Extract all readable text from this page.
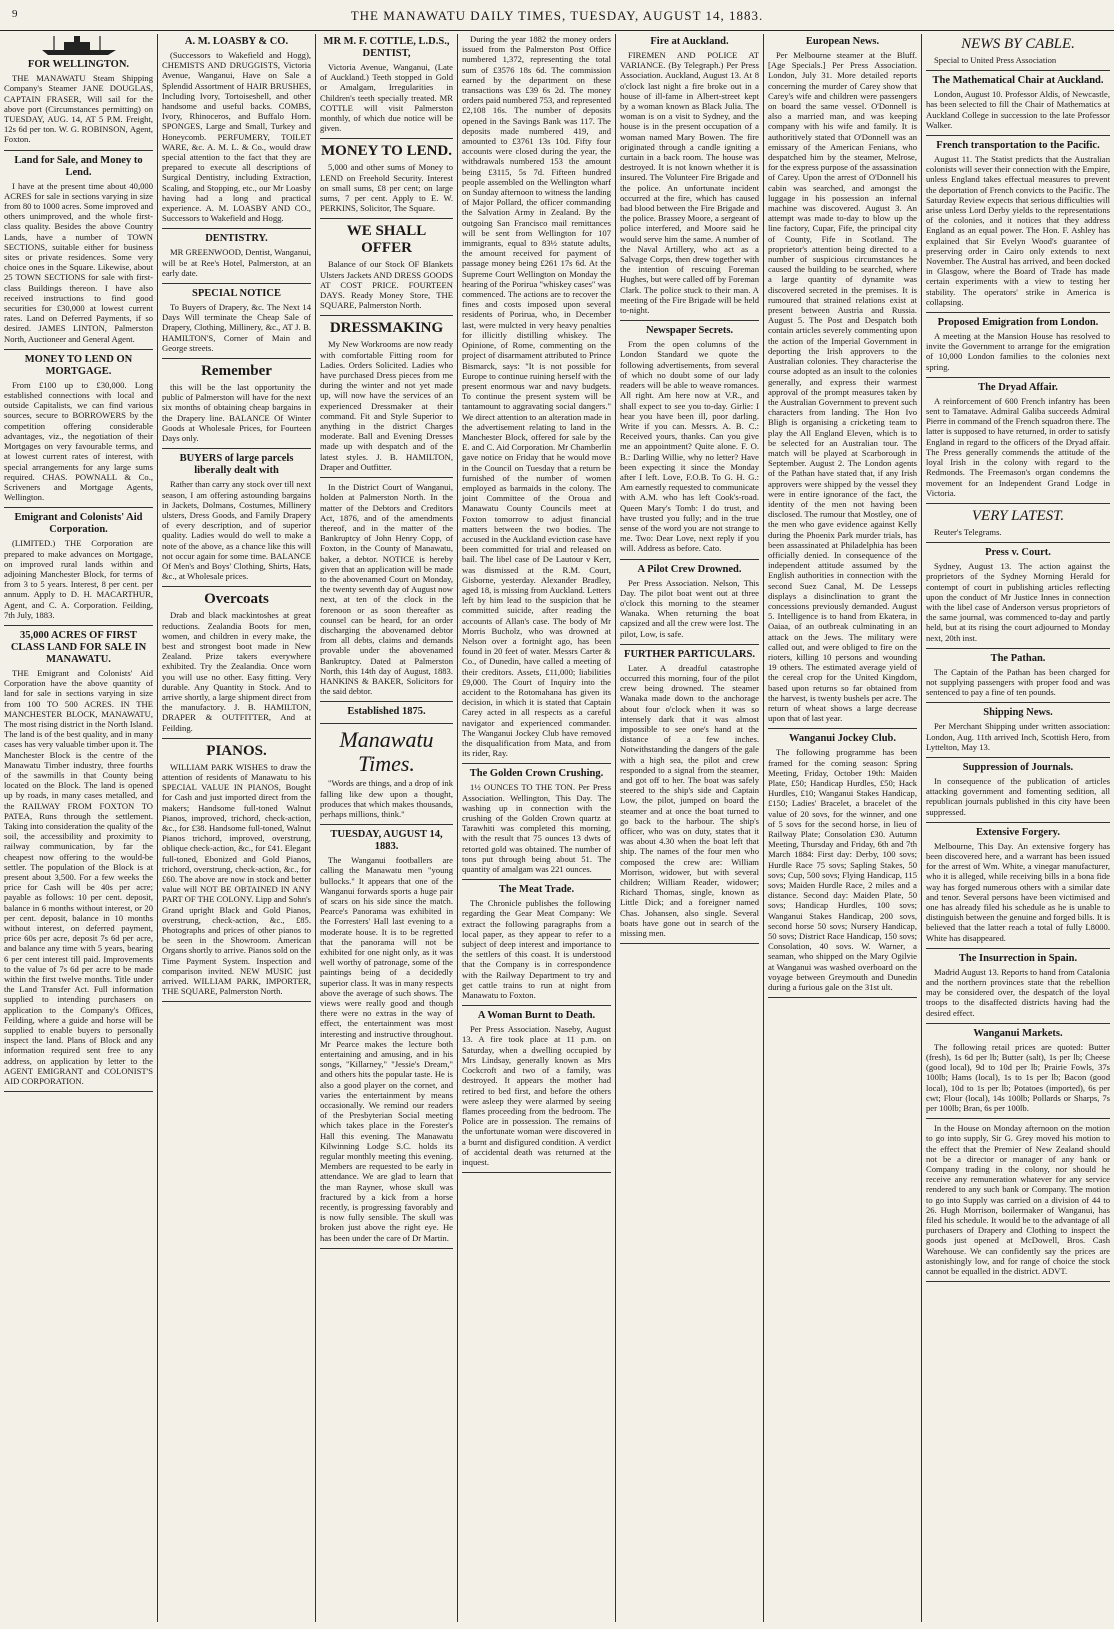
9	THE MANAWATU DAILY TIMES, TUESDAY, AUGUST 14, 1883.
FOR WELLINGTON.
THE MANAWATU Steam Shipping Company's Steamer JANE DOUGLAS, CAPTAIN FRASER, Will sail for the above port (Circumstances permitting) on TUESDAY, AUG. 14, AT 5 P.M. Freight, 12s 6d per ton. W. G. ROBINSON, Agent, Foxton.
Land for Sale, and Money to Lend.
I have at the present time about 40,000 ACRES for sale in sections varying in size from 80 to 1000 acres. Some improved and others unimproved, and the whole first-class quality. Besides the above Country Lands, have a number of TOWN SECTIONS, suitable either for business sites or private residences. Some very choice ones in the Square. Likewise, about 25 TOWN SECTIONS for sale with first-class Buildings thereon. I have also received instructions to find good securities for £30,000 at lowest current rates. Land on Deferred Payments, if so desired. JAMES LINTON, Palmerston North, Auctioneer and General Agent.
MONEY TO LEND ON MORTGAGE.
From £100 up to £30,000. Long established connections with local and outside Capitalists, we can find various sources, secure to BORROWERS by the competition offering considerable advantages, viz., the negotiation of their Mortgages on very favourable terms, and at lowest current rates of interest, with special arrangements for any large sums required. CHAS. POWNALL & Co., Scriveners and Mortgage Agents, Wellington.
Emigrant and Colonists' Aid Corporation.
(LIMITED.) THE Corporation are prepared to make advances on Mortgage, on improved rural lands within and adjoining Manchester Block, for terms of from 3 to 5 years. Interest, 8 per cent. per annum. Apply to D. H. MACARTHUR, Agent, and C. A. Corporation. Feilding, 7th July, 1883.
35,000 ACRES OF FIRST CLASS LAND FOR SALE IN MANAWATU.
THE Emigrant and Colonists' Aid Corporation have the above quantity of land for sale in sections varying in size from 100 TO 500 ACRES. IN THE MANCHESTER BLOCK, MANAWATU, The most rising district in the North Island. The land is of the best quality, and in many cases has very valuable timber upon it. The Manchester Block is the centre of the Manawatu Timber industry, three fourths of the sawmills in that County being located on the Block. The land is opened up by roads, in many cases metalled, and the RAILWAY FROM FOXTON TO PATEA, Runs through the settlement. Taking into consideration the quality of the soil, the accessibility and proximity to railway communication, by far the cheapest now offering to the would-be settler. The population of the Block is at present about 3,500. For a few weeks the price for Cash will be 40s per acre; payable as follows: 10 per cent. deposit, balance in 6 months without interest, or 20 per cent. deposit, balance in 10 months without interest, on deferred payment, price 60s per acre, deposit 7s 6d per acre, and balance any time with 5 years, bearing 6 per cent interest till paid. Improvements to the value of 7s 6d per acre to be made within the first twelve months. Title under the Land Transfer Act. Full information supplied to intending purchasers on application to the Company's Offices, Feilding, where a guide and horse will be supplied to enable buyers to personally inspect the land. Plans of Block and any information required sent free to any address, on application by letter to the AGENT EMIGRANT and COLONIST'S AID CORPORATION.
A. M. LOASBY & CO.
(Successors to Wakefield and Hogg), CHEMISTS AND DRUGGISTS, Victoria Avenue, Wanganui, Have on Sale a Splendid Assortment of HAIR BRUSHES, Including Ivory, Tortoiseshell, and other handsome and useful backs. COMBS, Ivory, Rhinoceros, and Buffalo Horn. SPONGES, Large and Small, Turkey and Honeycomb. PERFUMERY, TOILET WARE, &c. A. M. L. & Co., would draw special attention to the fact that they are prepared to execute all descriptions of Surgical Dentistry, including Extraction, Scaling, and Stopping, etc., our Mr Loasby having had a long and practical experience. A. M. LOASBY AND CO., Successors to Wakefield and Hogg.
DENTISTRY.
MR GREENWOOD, Dentist, Wanganui, will be at Ree's Hotel, Palmerston, at an early date.
SPECIAL NOTICE
To Buyers of Drapery, &c. The Next 14 Days Will terminate the Cheap Sale of Drapery, Clothing, Millinery, &c., AT J. B. HAMILTON'S, Corner of Main and George streets.
Remember
this will be the last opportunity the public of Palmerston will have for the next six months of obtaining cheap bargains in the Drapery line. BALANCE Of Winter Goods at Wholesale Prices, for Fourteen Days only.
BUYERS of large parcels liberally dealt with
Rather than carry any stock over till next season, I am offering astounding bargains in Jackets, Dolmans, Costumes, Millinery ulsters, Dress Goods, and Family Drapery of every description, and of superior quality. Ladies would do well to make a note of the above, as a chance like this will not occur again for some time. BALANCE Of Men's and Boys' Clothing, Shirts, Hats, &c., at Wholesale prices.
Overcoats
Drab and black mackintoshes at great reductions. Zealandia Boots for men, women, and children in every make, the best and strongest boot made in New Zealand. Prize takers everywhere exhibited. Try the Zealandia. Once worn you will use no other. Easy fitting. Very durable. Any Quantity in Stock. And to arrive shortly, a large shipment direct from the manufactory. J. B. HAMILTON, DRAPER & OUTFITTER, And at Feilding.
PIANOS.
WILLIAM PARK WISHES to draw the attention of residents of Manawatu to his SPECIAL VALUE IN PIANOS, Bought for Cash and just imported direct from the makers; Handsome full-toned Walnut Pianos, improved, trichord, check-action, &c., for £38. Handsome full-toned, Walnut Pianos trichord, improved, overstrung, oblique check-action, &c., for £41. Elegant full-toned, Ebonized and Gold Pianos, trichord, overstrung, check-action, &c., for £60. The above are now in stock and better value will NOT BE OBTAINED IN ANY PART OF THE COLONY. Lipp and Sohn's Grand upright Black and Gold Pianos, overstrung, check-action, &c., £85. Photographs and prices of other pianos to be seen in the Showroom. American Organs shortly to arrive. Pianos sold on the Time Payment System. Inspection and comparison invited. NEW MUSIC just arrived. WILLIAM PARK, IMPORTER, THE SQUARE, Palmerston North.
MR M. F. COTTLE, L.D.S., DENTIST,
Victoria Avenue, Wanganui, (Late of Auckland.) Teeth stopped in Gold or Amalgam, Irregularities in Children's teeth specially treated. MR COTTLE will visit Palmerston monthly, of which due notice will be given.
MONEY TO LEND.
5,000 and other sums of Money to LEND on Freehold Security. Interest on small sums, £8 per cent; on large sums, 7 per cent. Apply to E. W. PERKINS, Solicitor, The Square.
WE SHALL OFFER
Balance of our Stock OF Blankets Ulsters Jackets AND DRESS GOODS AT COST PRICE. FOURTEEN DAYS. Ready Money Store, THE SQUARE, Palmerston North.
DRESSMAKING
My New Workrooms are now ready with comfortable Fitting room for Ladies. Orders Solicited. Ladies who have purchased Dress pieces from me during the winter and not yet made up, will now have the services of an experienced Dressmaker at their command. Fit and Style Superior to anything in the district Charges moderate. Ball and Evening Dresses made up with despatch and of the latest styles. J. B. HAMILTON, Draper and Outfitter.
In the District Court of Wanganui, holden at Palmerston North. In the matter of the Debtors and Creditors Act, 1876, and of the amendments thereof, and in the matter of the Bankruptcy of John Henry Copp, of Foxton, in the County of Manawatu, baker, a debtor. NOTICE is hereby given that an application will be made to the abovenamed Court on Monday, the twenty seventh day of August now next, at ten of the clock in the forenoon or as soon thereafter as counsel can be heard, for an order discharging the abovenamed debtor from all debts, claims and demands provable under the abovenamed Bankruptcy. Dated at Palmerston North, this 14th day of August, 1883. HANKINS & BAKER, Solicitors for the said debtor.
Established 1875.
Manawatu Times.
"Words are things, and a drop of ink falling like dew upon a thought, produces that which makes thousands, perhaps millions, think."
TUESDAY, AUGUST 14, 1883.
The Wanganui footballers are calling the Manawatu men "young bullocks." It appears that one of the Wanganui forwards sports a huge pair of scars on his side since the match. Pearce's Panorama was exhibited in the Forresters' Hall last evening to a moderate house. It is to be regretted that the panorama will not be exhibited for one night only, as it was well worthy of patronage, some of the paintings being of a decidedly superior class. It was in many respects above the average of such shows. The views were really good and though there were no extras in the way of effect, the entertainment was most interesting and instructive throughout. Mr Pearce makes the lecture both entertaining and amusing, and in his songs, "Killarney," "Jessie's Dream," and others hits the popular taste. He is also a good player on the cornet, and varies the entertainment by means occasionally. We remind our readers of the Presbyterian Social meeting which takes place in the Forester's Hall this evening. The Manawatu Kilwinning Lodge S.C. holds its regular monthly meeting this evening. Members are requested to be early in attendance. We are glad to learn that the man Rayner, whose skull was fractured by a kick from a horse recently, is progressing favorably and is now fully sensible. The skull was broken just above the right eye. He has been under the care of Dr Martin.
During the year 1882 the money orders issued from the Palmerston Post Office numbered 1,372, representing the total sum of £3576 18s 6d. The commission earned by the department on these transactions was £39 6s 2d. The money orders paid numbered 753, and represented £2,108 16s. The number of deposits opened in the Savings Bank was 117. The deposits made numbered 419, and amounted to £3761 13s 10d. Fifty four accounts were closed during the year, the withdrawals numbered 153 the amount being £3115, 5s 7d. Fifteen hundred people assembled on the Wellington wharf on Sunday afternoon to witness the landing of Major Pollard, the officer commanding the Salvation Army in Zealand. By the outgoing San Francisco mail remittances will be sent from Wellington for 107 immigrants, equal to 83½ statute adults, the amount received for payment of passage money being £261 17s 6d. At the Supreme Court Wellington on Monday the hearing of the Porirua "whiskey cases" was commenced. The actions are to recover the fines and costs imposed upon several residents of Porirua, who, in December last, were mulcted in very heavy penalties for illicitly distilling whiskey. The Opinione, of Rome, commenting on the project of disarmament attributed to Prince Bismarck, says: "It is not possible for Europe to continue ruining herself with the present enormous war and navy budgets. To continue the present system will be tantamount to aggravating social dangers." We direct attention to an alteration made in the advertisement relating to land in the Manchester Block, offered for sale by the E. and C. Aid Corporation. Mr Chamberlin gave notice on Friday that he would move in the Council on Tuesday that a return be furnished of the number of women employed as barmaids in the colony. The joint Committee of the Oroua and Manawatu County Councils meet at Foxton tomorrow to adjust financial matters between the two bodies. The accused in the Auckland eviction case have been committed for trial and released on bail. The libel case of De Lautour v Kerr, was dismissed at the R.M. Court, Gisborne, yesterday. Alexander Bradley, aged 18, is missing from Auckland. Letters left by him lead to the suspicion that he committed suicide, after reading the accounts of Allan's case. The body of Mr Morris Bucholz, who was drowned at Nelson over a fortnight ago, has been found in 20 feet of water. Messrs Carter & Co., of Dunedin, have called a meeting of their creditors. Assets, £11,000; liabilities £9,000. The Court of Inquiry into the accident to the Rotomahana has given its decision, in which it is stated that Captain Carey acted in all respects as a careful navigator and experienced commander. The Wanganui Jockey Club have removed the disqualification from Mata, and from its rider, Ray.
The Golden Crown Crushing.
1½ OUNCES TO THE TON. Per Press Association. Wellington, This Day. The washing up in connection with the crushing of the Golden Crown quartz at Tarawhiti was completed this morning, with the result that 75 ounces 13 dwts of retorted gold was obtained. The number of tons put through being about 51. The quantity of amalgam was 221 ounces.
The Meat Trade.
The Chronicle publishes the following regarding the Gear Meat Company: We extract the following paragraphs from a local paper, as they appear to refer to a subject of deep interest and importance to the settlers of this coast. It is understood that the Company is in correspondence with the Railway Department to try and get cattle trains to run at night from Manawatu to Foxton.
A Woman Burnt to Death.
Per Press Association. Naseby, August 13. A fire took place at 11 p.m. on Saturday, when a dwelling occupied by Mrs Lindsay, generally known as Mrs Cockcroft and two of a family, was destroyed. It appears the mother had retired to bed first, and before the others were asleep they were alarmed by seeing flames proceeding from the bedroom. The Police are in possession. The remains of the unfortunate woman were discovered in a burnt and disfigured condition. A verdict of accidental death was returned at the inquest.
Fire at Auckland.
FIREMEN AND POLICE AT VARIANCE. (By Telegraph.) Per Press Association. Auckland, August 13. At 8 o'clock last night a fire broke out in a house of ill-fame in Albert-street kept by a woman known as Black Julia. The woman is on a visit to Sydney, and the house is in the present occupation of a woman named Mary Bowen. The fire originated through a candle igniting a curtain in a back room. The house was destroyed. It is not known whether it is insured. The Volunteer Fire Brigade and the police. An unfortunate incident occurred at the fire, which has caused bad blood between the Fire Brigade and the police. Brassey Moore, a sergeant of police interfered, and Moore said he would serve him the same. A number of the Naval Artillery, who act as a Salvage Corps, then drew together with the intention of rescuing Foreman Hughes, but were called off by Foreman Clark. The police stuck to their man. A meeting of the Fire Brigade will be held to-night.
Newspaper Secrets.
From the open columns of the London Standard we quote the following advertisements, from several of which no doubt some of our lady readers will be able to weave romances. All right. Am here now at V.R., and shall expect to see you to-day. Girlie: I hear you have been ill, poor darling. Write if you can. Messrs. A. B. C.: Received yours, thanks. Can you give me an appointment? Quite alone. F. O. B.: Darling Willie, why no letter? Have been expecting it since the Monday after I left. Love, F.O.B. To G. H. G.: Am earnestly requested to communicate with A.M. who has left Cook's-road. Queen Mary's Tomb: I do trust, and have trusted you fully; and in the true sense of the word you are not strange to me. Two: Dear Love, next reply if you will. Address as before. Cato.
A Pilot Crew Drowned.
Per Press Association. Nelson, This Day. The pilot boat went out at three o'clock this morning to the steamer Wanaka. When returning the boat capsized and all the crew were lost. The pilot, Low, is safe.
FURTHER PARTICULARS.
Later. A dreadful catastrophe occurred this morning, four of the pilot crew being drowned. The steamer Wanaka made down to the anchorage about four o'clock when it was so intensely dark that it was almost impossible to see one's hand at the distance of a few inches. Notwithstanding the dangers of the gale with a high sea, the pilot and crew responded to a signal from the steamer, and got off to her. The boat was safely steered to the ship's side and Captain Low, the pilot, jumped on board the steamer and at once the boat turned to go back to the harbour. The ship's officer, who was on duty, states that it was about 4.30 when the boat left that ship. The names of the four men who composed the crew are: William Morrison, widower, but with several children; William Reader, widower; Richard Thomas, single, known as Little Dick; and a foreigner named Chas. Johansen, also single. Several boats have gone out in search of the missing men.
European News.
Per Melbourne steamer at the Bluff. [Age Specials.] Per Press Association. London, July 31. More detailed reports concerning the murder of Carey show that Carey's wife and children were passengers on board the same vessel. O'Donnell is also a married man, and was keeping company with his wife and family. It is authoritively stated that O'Donnell was an emissary of the American Fenians, who despatched him by the steamer, Melrose, for the express purpose of the assassination of Carey. Upon the arrest of O'Donnell his cabin was searched, and amongst the luggage in his possession an infernal machine was discovered. August 3. An attempt was made to-day to blow up the line factory, Cupar, Fife, the principal city of County, Fife in Scotland. The proprietor's attention being directed to a number of suspicious circumstances he caused the building to be searched, where a large quantity of dynamite was discovered secreted in the premises. It is rumoured that strained relations exist at present between Austria and Russia. August 5. The Post and Despatch both contain articles severely commenting upon the action of the Imperial Government in deporting the Irish approvers to the Australian colonies. They characterise the course adopted as an insult to the colonies generally, and express their warmest approval of the prompt measures taken by the Australian Government to prevent such characters from landing. The Hon Ivo Bligh is organising a cricketing team to play the All England Eleven, which is to be selected for an Australian tour. The match will be played at Scarborough in September. August 2. The London agents of the Pathan have stated that, if any Irish approvers were shipped by the vessel they were in entire ignorance of the fact, the identity of the men not having been disclosed. The rumour that Mostley, one of the men who gave evidence against Kelly during the Phoenix Park murder trials, has been assassinated at Philadelphia has been officially denied. In consequence of the independent attitude assumed by the English authorities in connection with the second Suez Canal, M. De Lesseps displays a disinclination to grant the concessions previously demanded. August 5. Intelligence is to hand from Ekatera, in Oaiaa, of an outbreak culminating in an attack on the Jews. The military were called out, and were obliged to fire on the rioters, killing 10 persons and wounding 19 others. The estimated average yield of the cereal crop for the United Kingdom, based upon returns so far obtained from the harvest, is twenty bushels per acre. The return of wheat shows a large decrease upon that of last year.
Wanganui Jockey Club.
The following programme has been framed for the coming season: Spring Meeting, Friday, October 19th: Maiden Plate, £50; Handicap Hurdles, £50; Hack Hurdles, £10; Wanganui Stakes Handicap, £150; Ladies' Bracelet, a bracelet of the value of 20 sovs, for the winner, and one of 5 sovs for the second horse, in lieu of Railway Plate; Consolation £30. Autumn Meeting, Thursday and Friday, 6th and 7th March 1884: First day: Derby, 100 sovs; Hurdle Race 75 sovs; Sapling Stakes, 50 sovs; Cup, 500 sovs; Flying Handicap, 115 sovs; Maiden Hurdle Race, 2 miles and a distance. Second day: Maiden Plate, 50 sovs; Handicap Hurdles, 100 sovs; Wanganui Stakes Handicap, 200 sovs, second horse 50 sovs; Nursery Handicap, 50 sovs; District Race Handicap, 150 sovs; Consolation, 40 sovs. W. Warner, a seaman, who shipped on the Mary Ogilvie at Wanganui was washed overboard on the voyage between Greymouth and Dunedin during a furious gale on the 31st ult.
NEWS BY CABLE.
Special to United Press Association
The Mathematical Chair at Auckland.
London, August 10. Professor Aldis, of Newcastle, has been selected to fill the Chair of Mathematics at Auckland College in succession to the late Professor Walker.
French transportation to the Pacific.
August 11. The Statist predicts that the Australian colonists will sever their connection with the Empire, unless England takes effectual measures to prevent the deportation of French convicts to the Pacific. The Saturday Review expects that serious difficulties will arise unless Lord Derby yields to the representations of the colonies, and it notices that they address England as an equal power. The Hon. F. Ashley has explained that Sir Evelyn Wood's guarantee of preserving order in Cairo only extends to next November. The Austral has arrived, and been docked in Glasgow, where the Board of Trade has made certain experiments with a view to testing her stability. The operators' strike in America is collapsing.
Proposed Emigration from London.
A meeting at the Mansion House has resolved to invite the Government to arrange for the emigration of 10,000 London families to the colonies next spring.
The Dryad Affair.
A reinforcement of 600 French infantry has been sent to Tamatave. Admiral Galiba succeeds Admiral Pierre in command of the French squadron there. The latter is supposed to have returned, in order to satisfy England in regard to the officers of the Dryad affair. The Press generally commends the attitude of the loyal Irish in the colony with regard to the Redmonds. The Freemason's organ condemns the movement for an Independent Grand Lodge in Victoria.
VERY LATEST.
Reuter's Telegrams.
Press v. Court.
Sydney, August 13. The action against the proprietors of the Sydney Morning Herald for contempt of court in publishing articles reflecting upon the conduct of Mr Justice Innes in connection with the libel case of Anderson versus proprietors of the same journal, was commenced to-day and partly held, but at its rising the court adjourned to Monday next, 20th inst.
The Pathan.
The Captain of the Pathan has been charged for not supplying passengers with proper food and was sentenced to pay a fine of ten pounds.
Shipping News.
Per Merchant Shipping under written association: London, Aug. 11th arrived Inch, Scottish Hero, from Lyttelton, May 13.
Suppression of Journals.
In consequence of the publication of articles attacking government and fomenting sedition, all republican journals published in this city have been suppressed.
Extensive Forgery.
Melbourne, This Day. An extensive forgery has been discovered here, and a warrant has been issued for the arrest of Wm. White, a vinegar manufacturer, who it is alleged, while receiving bills in a bona fide way has forged numerous others with a similar date and tenor. Several persons have been victimised and one has already filed his schedule as he is unable to distinguish between the genuine and forged bills. It is believed that the latter reach a total of fully L8000. White has disappeared.
The Insurrection in Spain.
Madrid August 13. Reports to hand from Catalonia and the northern provinces state that the rebellion may be considered over, the despatch of the loyal troops to the disaffected districts having had the desired effect.
Wanganui Markets.
The following retail prices are quoted: Butter (fresh), 1s 6d per lb; Butter (salt), 1s per lb; Cheese (good local), 9d to 10d per lb; Prairie Fowls, 37s 100lb; Hams (local), 1s to 1s per lb; Bacon (good local), 10d to 1s per lb; Potatoes (imported), 6s per cwt; Flour (local), 14s 100lb; Pollards or Sharps, 7s per 100lb; Bran, 6s per 100lb.
In the House on Monday afternoon on the motion to go into supply, Sir G. Grey moved his motion to the effect that the Premier of New Zealand should not be a director or manager of any bank or Company trading in the colony, nor should he receive any remuneration whatever for any service rendered to any such bank or Company. The motion to go into Supply was carried on a division of 44 to 26. Hugh Morrison, boilermaker of Wanganui, has filed his schedule. It would be to the advantage of all purchasers of Drapery and Clothing to inspect the goods just opened at McDowell, Bros. Cash Warehouse. We can confidently say the prices are astonishingly low, and for range of choice the stock cannot be equalled in the district. ADVT.
